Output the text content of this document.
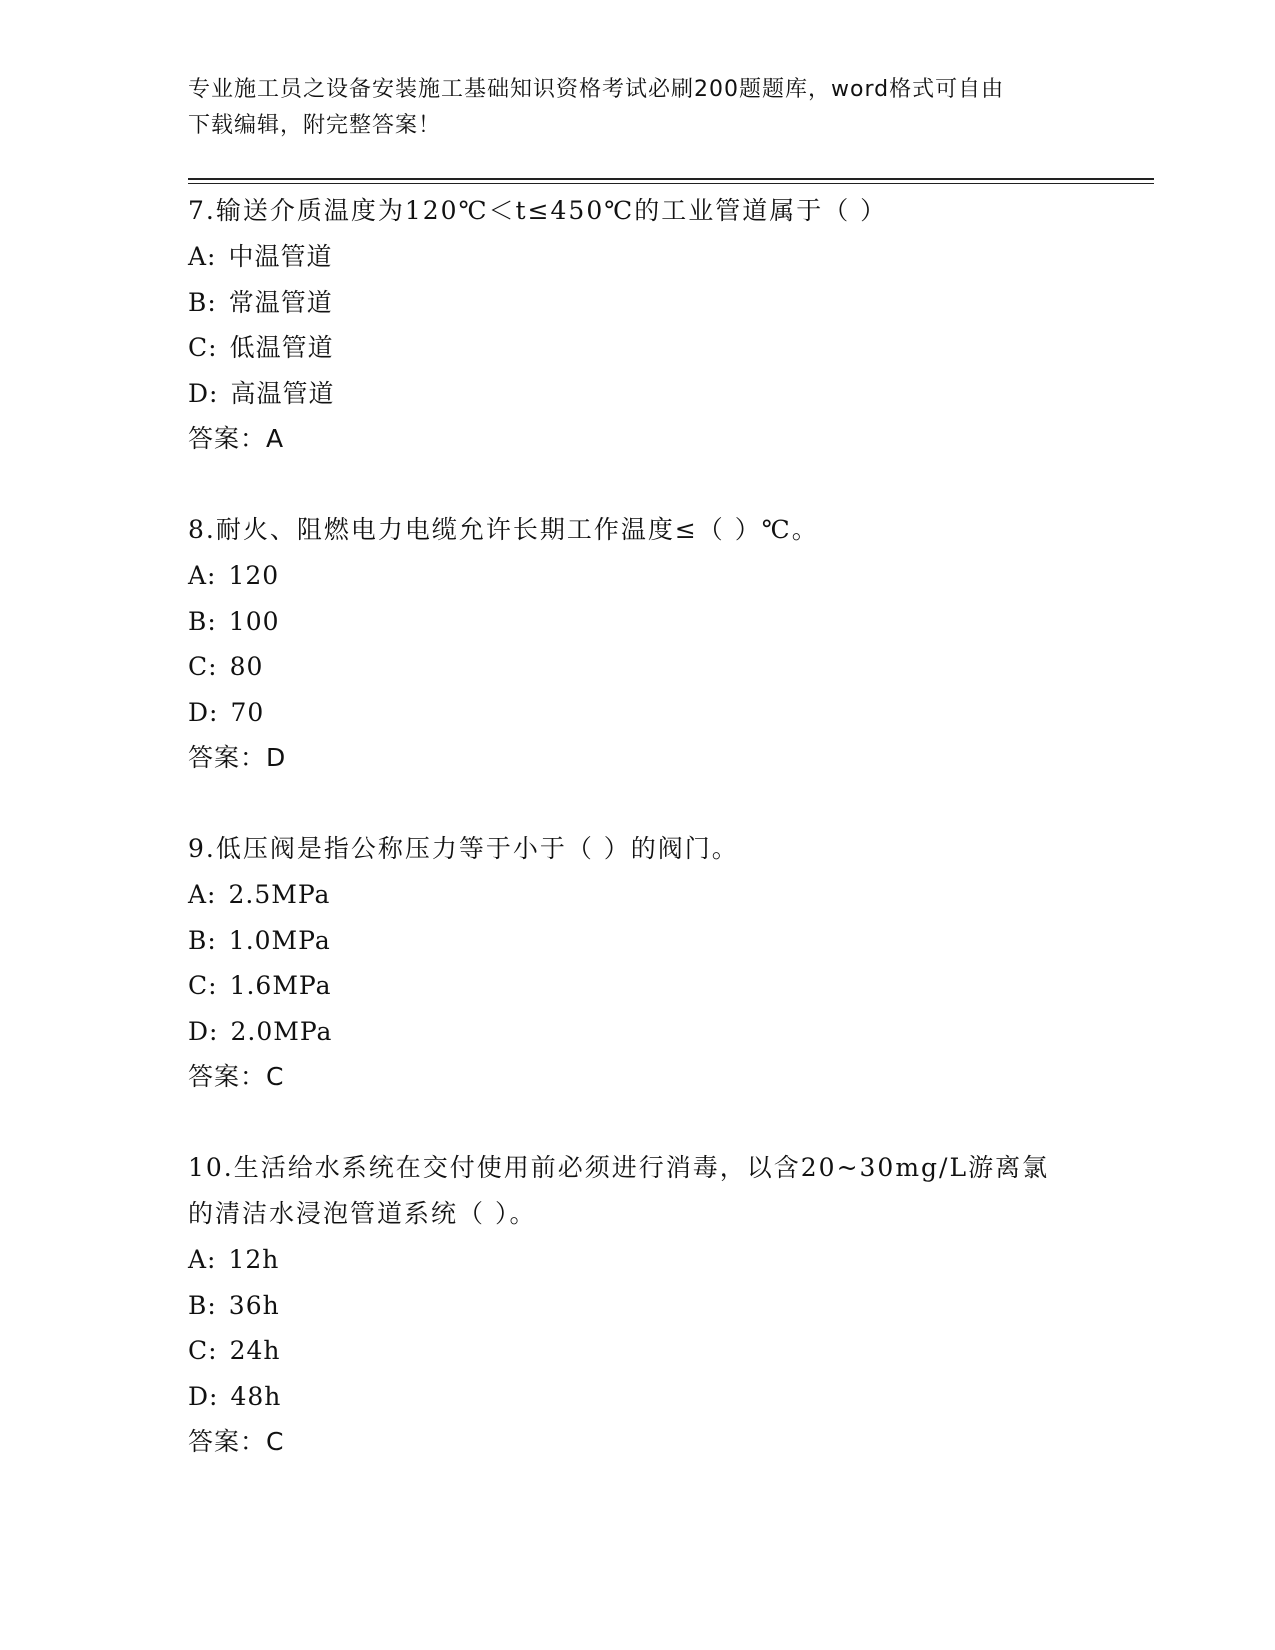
专业施工员之设备安装施工基础知识资格考试必刷200题题库，word格式可自由
下载编辑，附完整答案！
7.输送介质温度为120℃＜t≤450℃的工业管道属于（ ）
A: 中温管道
B: 常温管道
C: 低温管道
D: 高温管道
答案：A
8.耐火、阻燃电力电缆允许长期工作温度≤（ ）℃。
A: 120
B: 100
C: 80
D: 70
答案：D
9.低压阀是指公称压力等于小于（ ）的阀门。
A: 2.5MPa
B: 1.0MPa
C: 1.6MPa
D: 2.0MPa
答案：C
10.生活给水系统在交付使用前必须进行消毒，以含20~30mg/L游离氯
的清洁水浸泡管道系统（ ）。
A: 12h
B: 36h
C: 24h
D: 48h
答案：C
